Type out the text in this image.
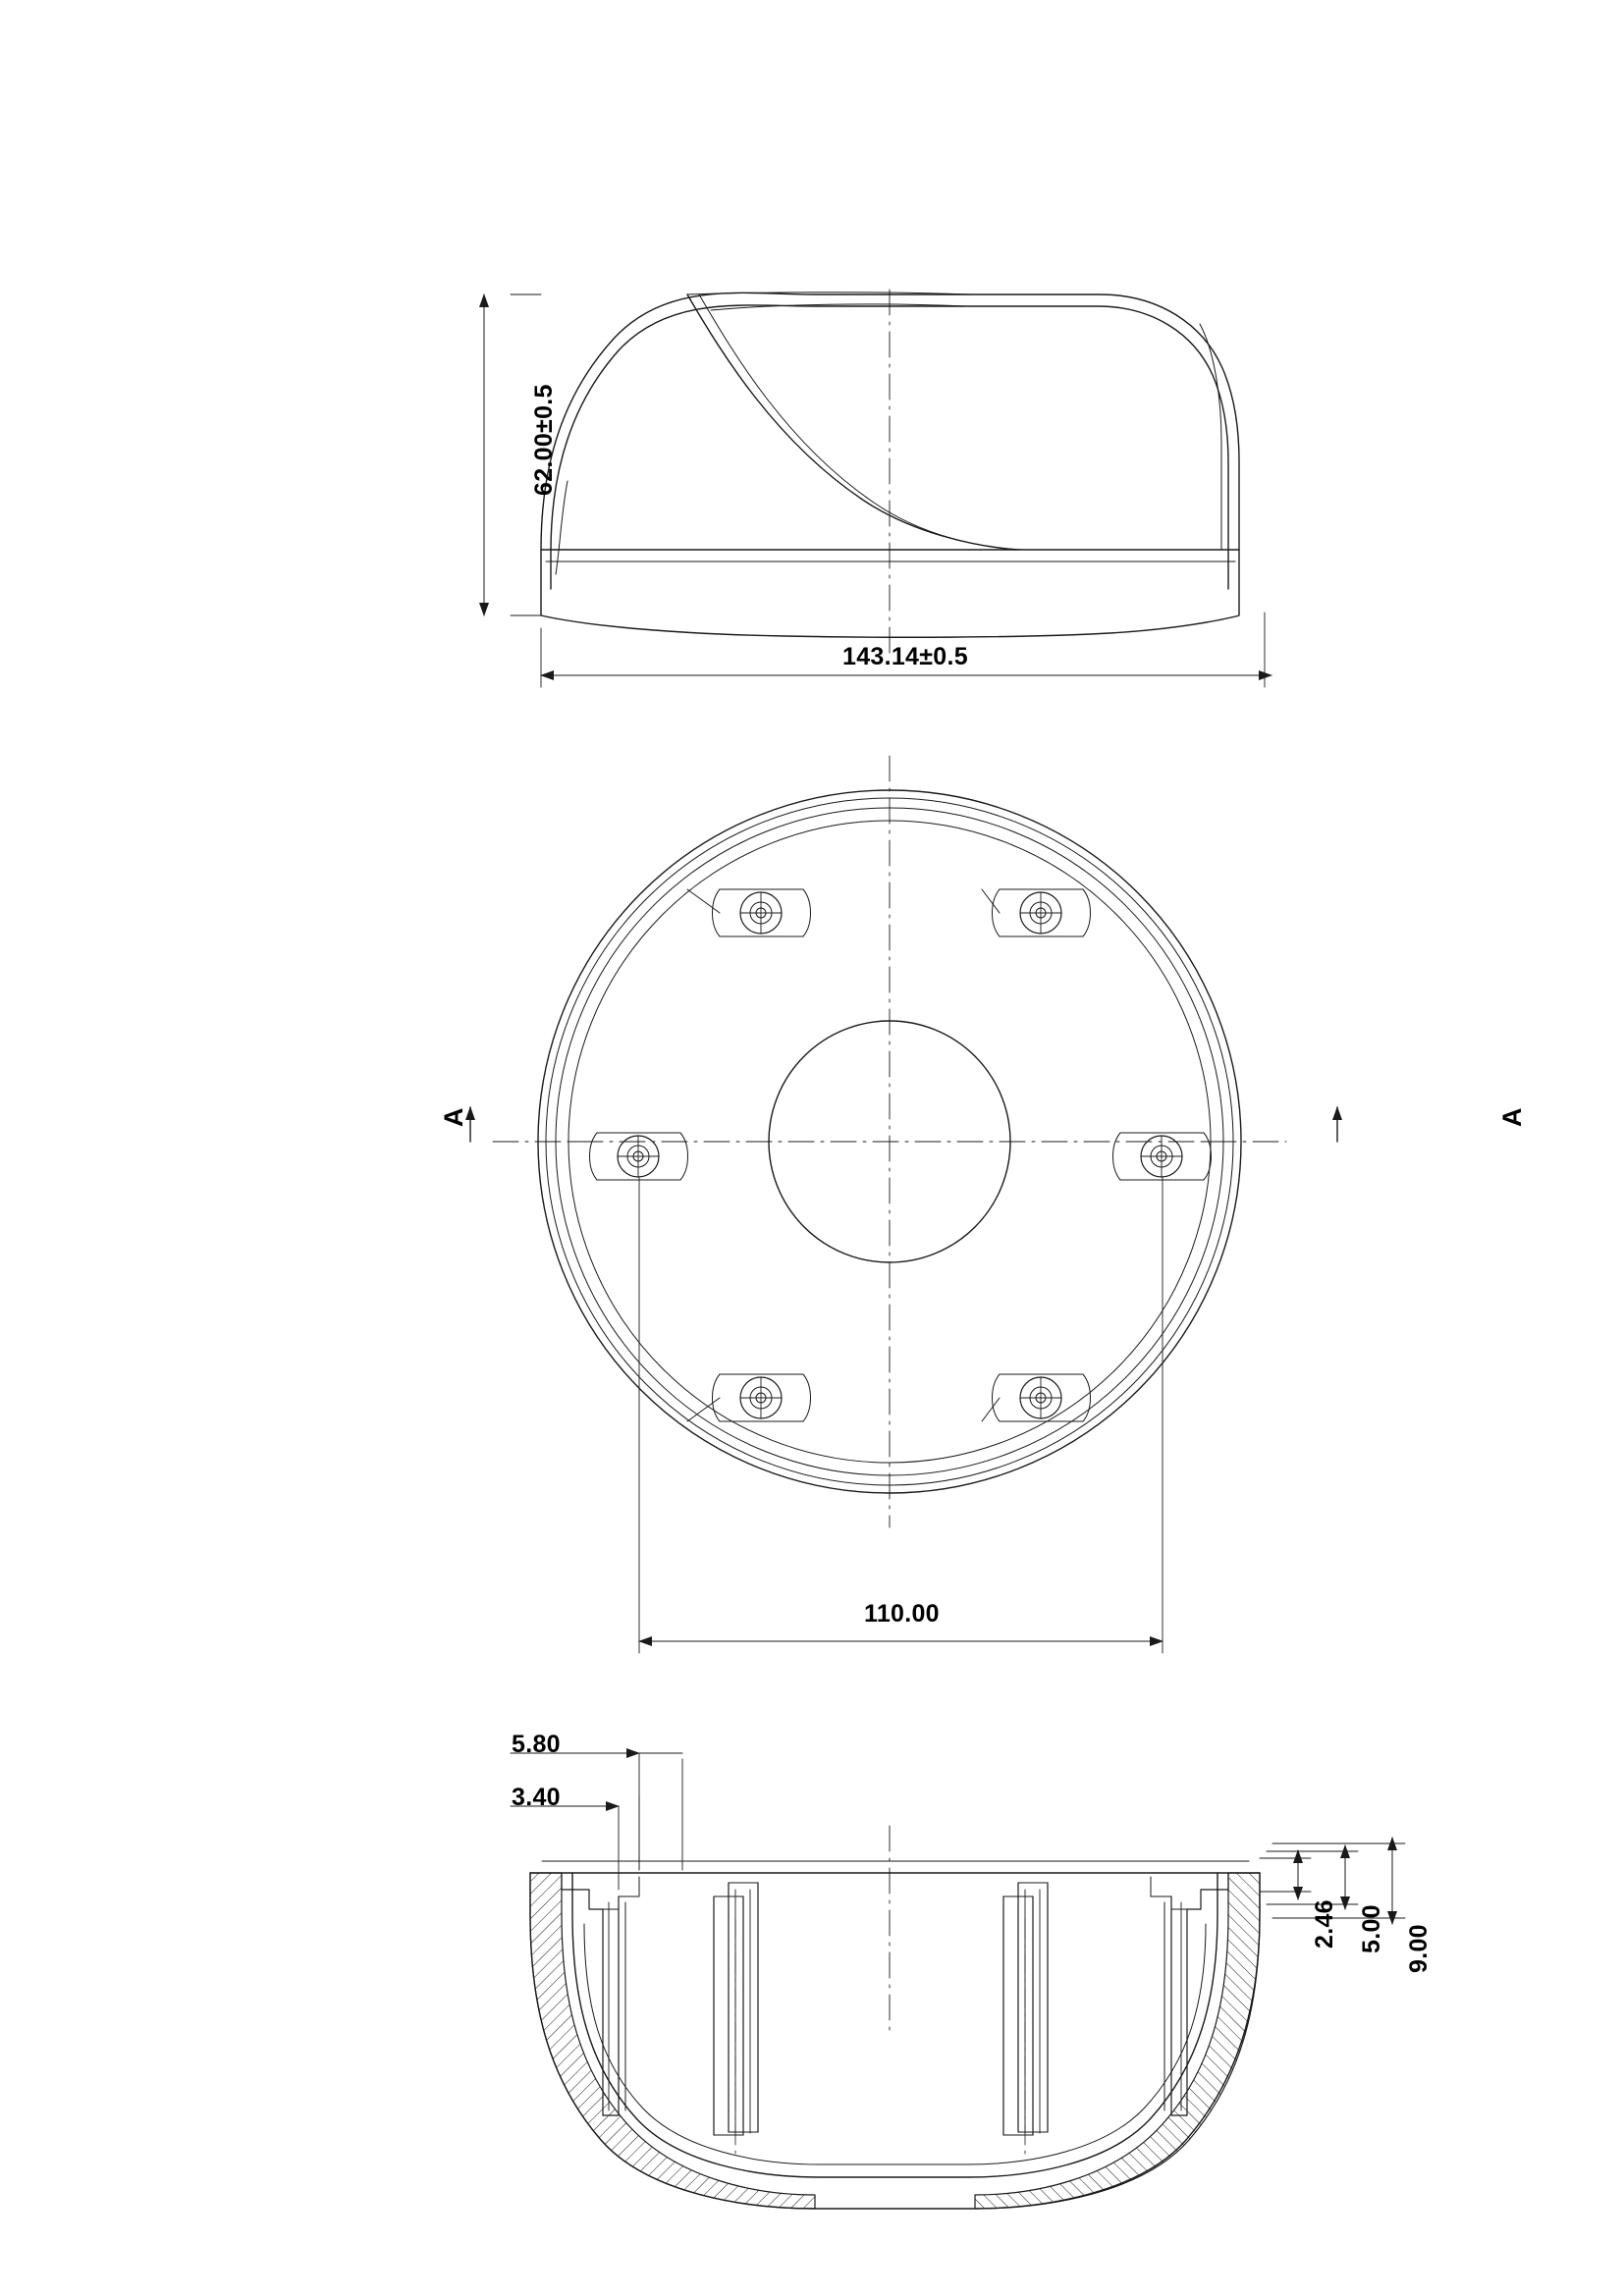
62.00±0.5
143.14±0.5
110.00
5.80
3.40
2.46 5.00 9.00
A	A
